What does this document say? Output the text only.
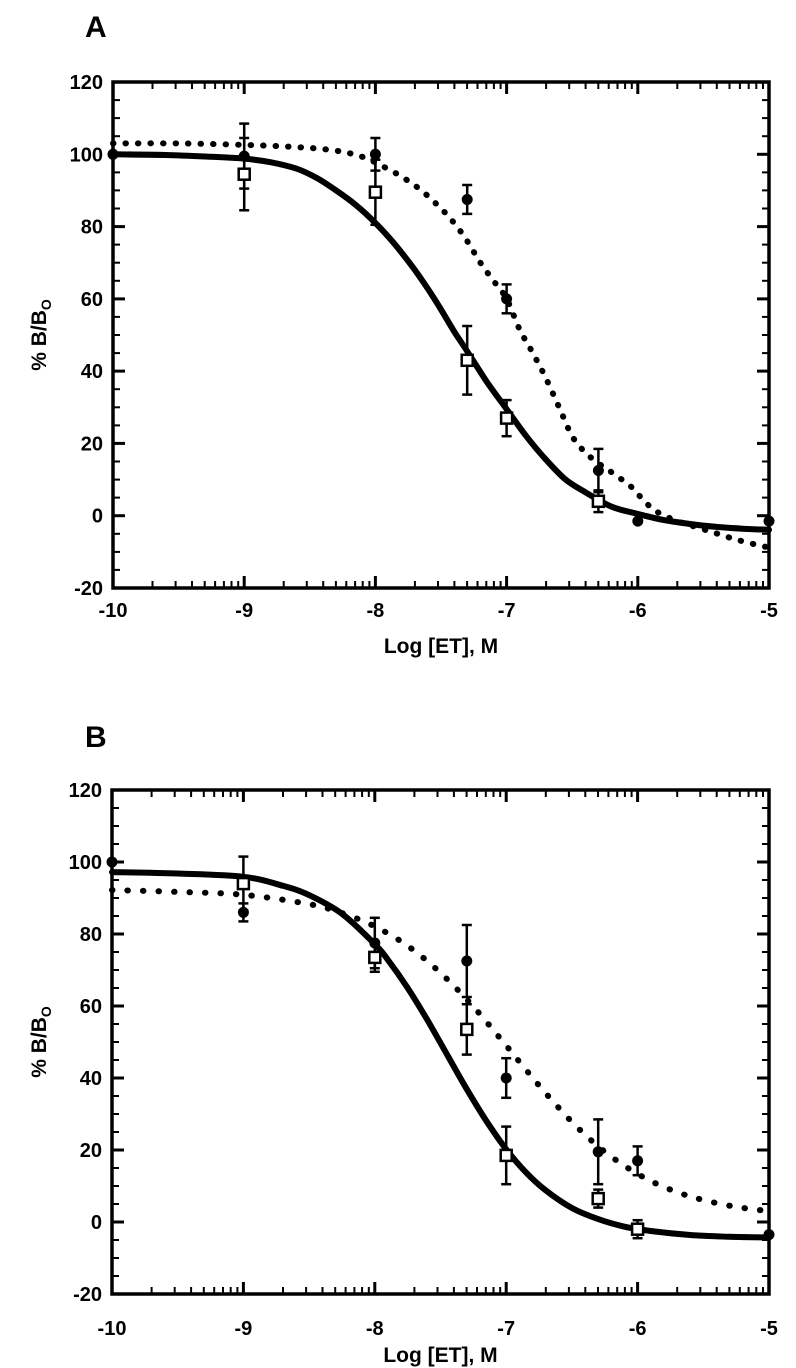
A
-10	-9	-8	-7	-6	-5
120
100
80
60
40
20
0
-20
Log [ET], M
% $B/B_O$
B
-10	-9	-8	-7	-6	-5
120
100
80
60
40
20
0
-20
Log [ET], M
% $B/B_O$
